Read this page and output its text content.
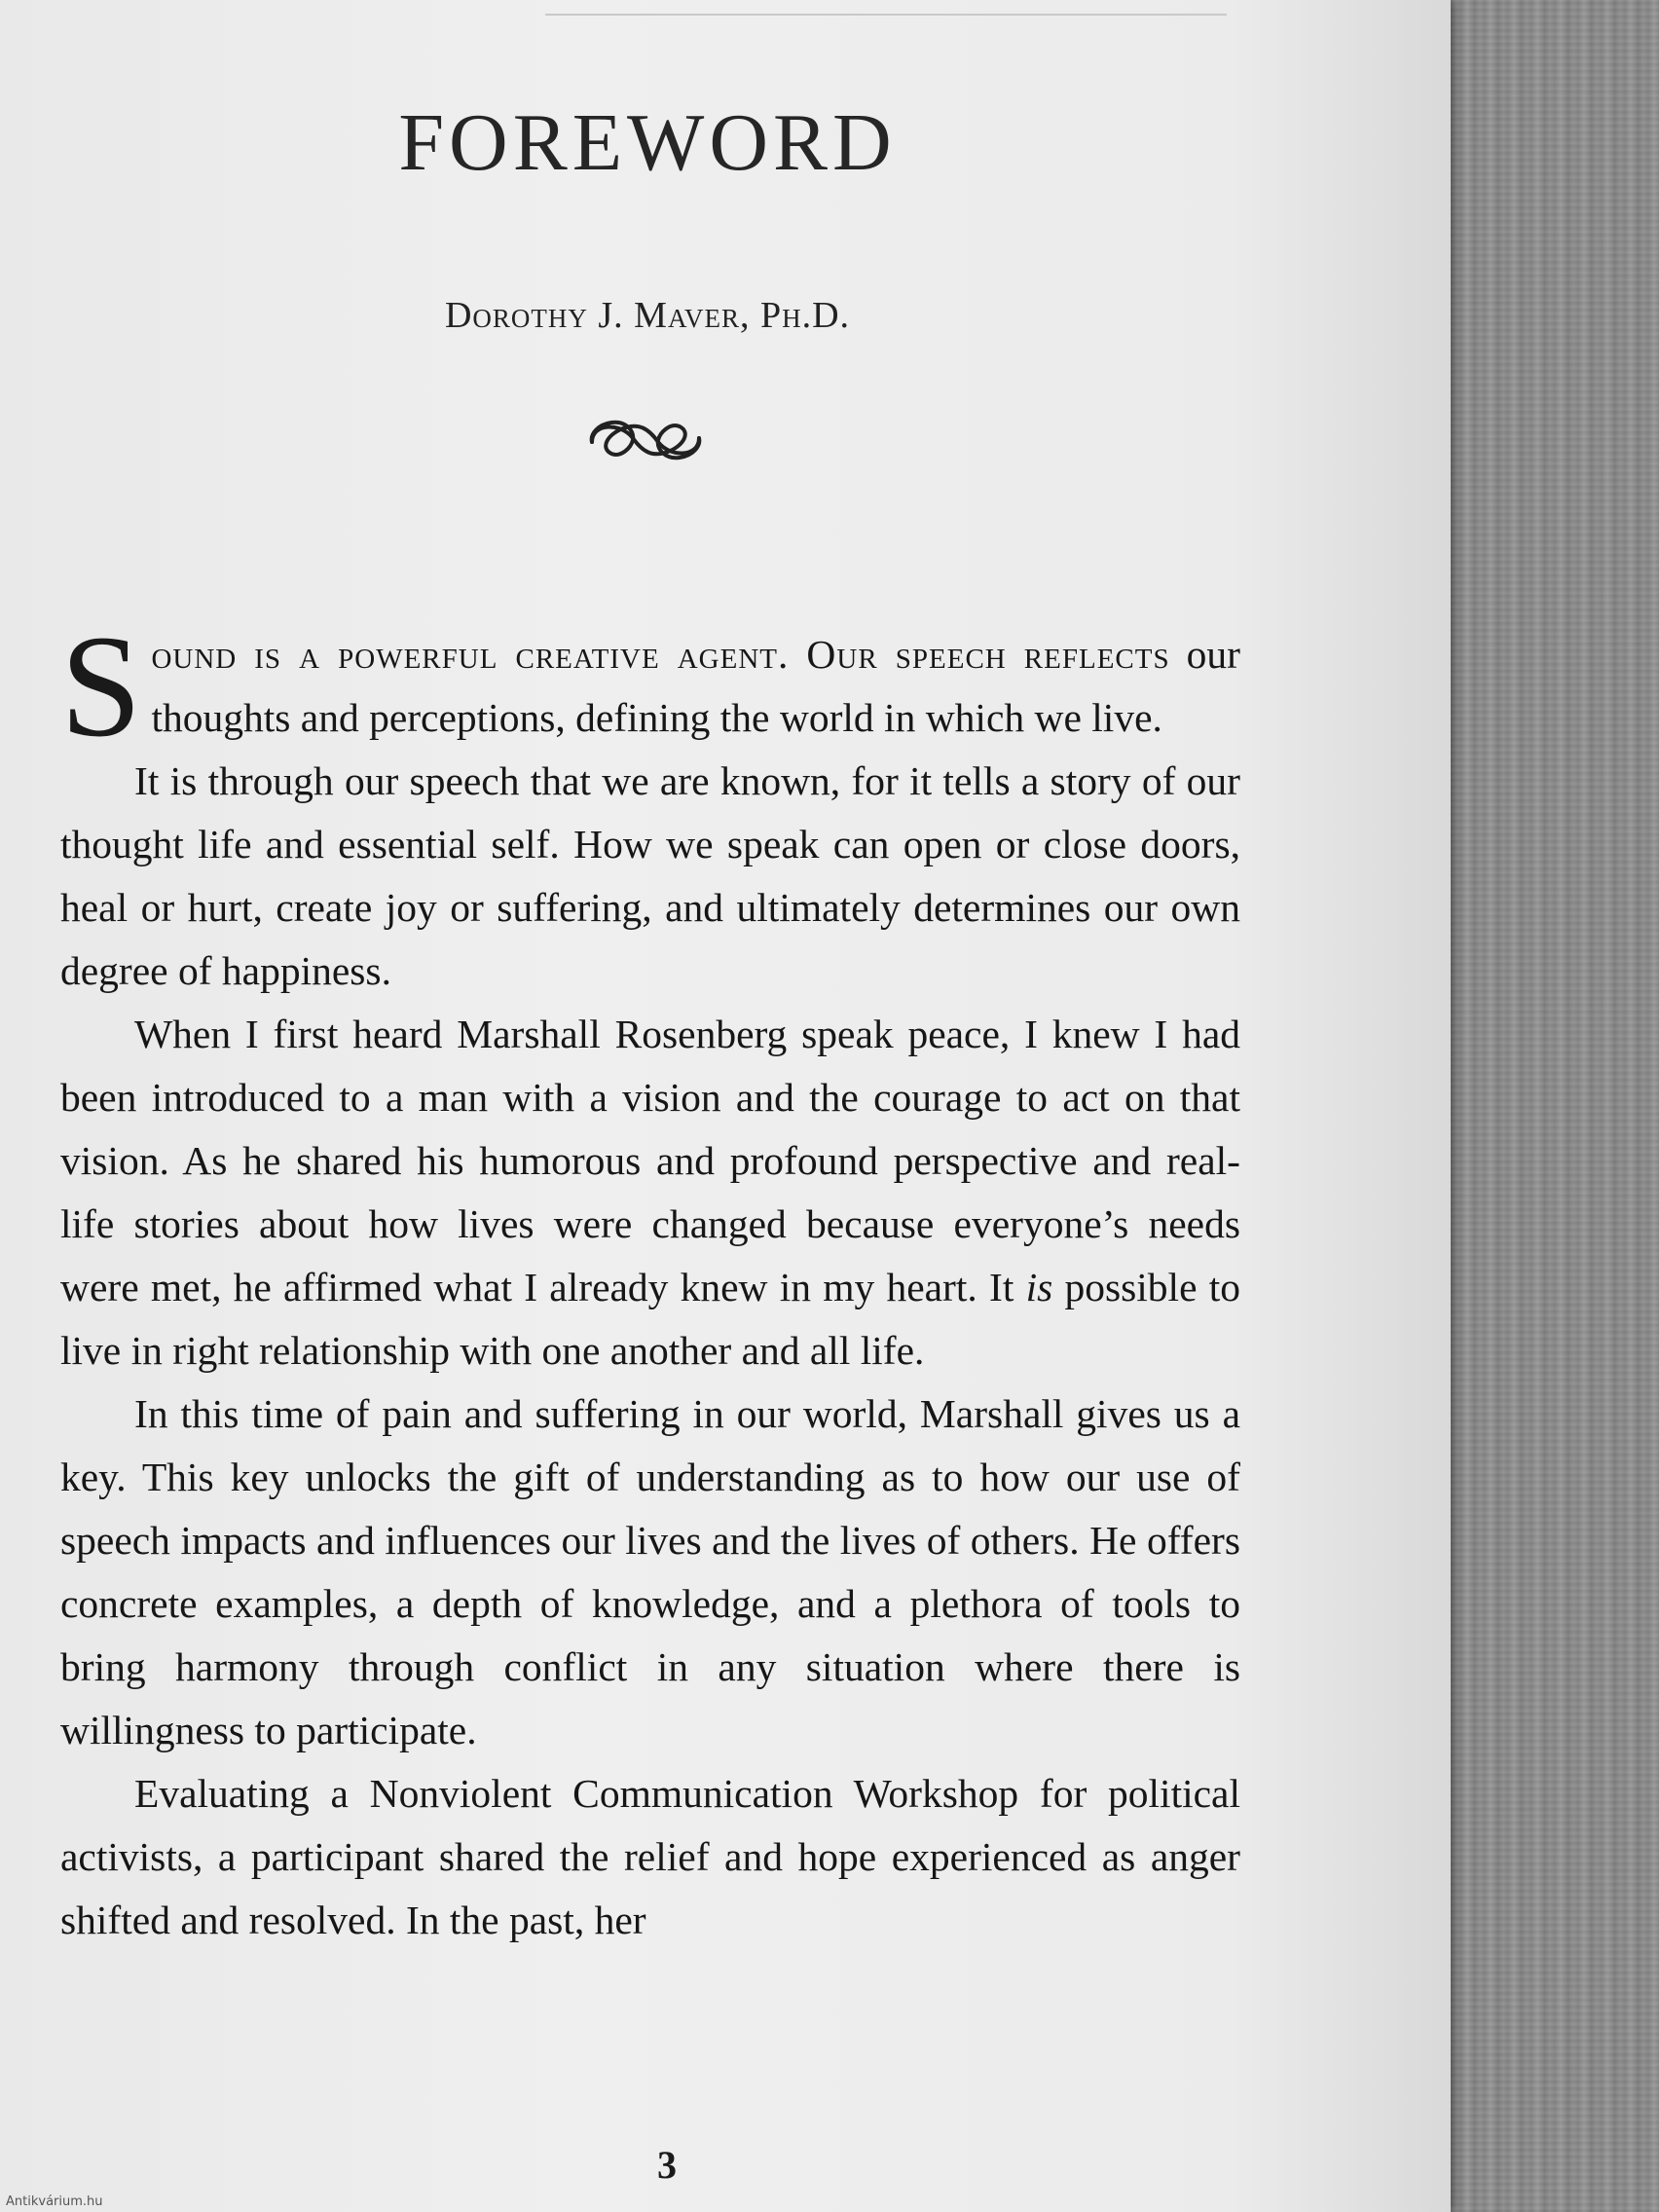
FOREWORD
Dorothy J. Maver, Ph.D.

Sound is a powerful creative agent. Our speech reflects our thoughts and perceptions, defining the world in which we live.

It is through our speech that we are known, for it tells a story of our thought life and essential self. How we speak can open or close doors, heal or hurt, create joy or suffering, and ultimately determines our own degree of happiness.

When I first heard Marshall Rosenberg speak peace, I knew I had been introduced to a man with a vision and the courage to act on that vision. As he shared his humorous and profound perspective and real-life stories about how lives were changed because everyone’s needs were met, he affirmed what I already knew in my heart. It is possible to live in right relationship with one another and all life.

In this time of pain and suffering in our world, Marshall gives us a key. This key unlocks the gift of understanding as to how our use of speech impacts and influences our lives and the lives of others. He offers concrete examples, a depth of knowledge, and a plethora of tools to bring harmony through conflict in any situation where there is willingness to participate.

Evaluating a Nonviolent Communication Workshop for political activists, a participant shared the relief and hope experienced as anger shifted and resolved. In the past, her

3
Antikvárium.hu
